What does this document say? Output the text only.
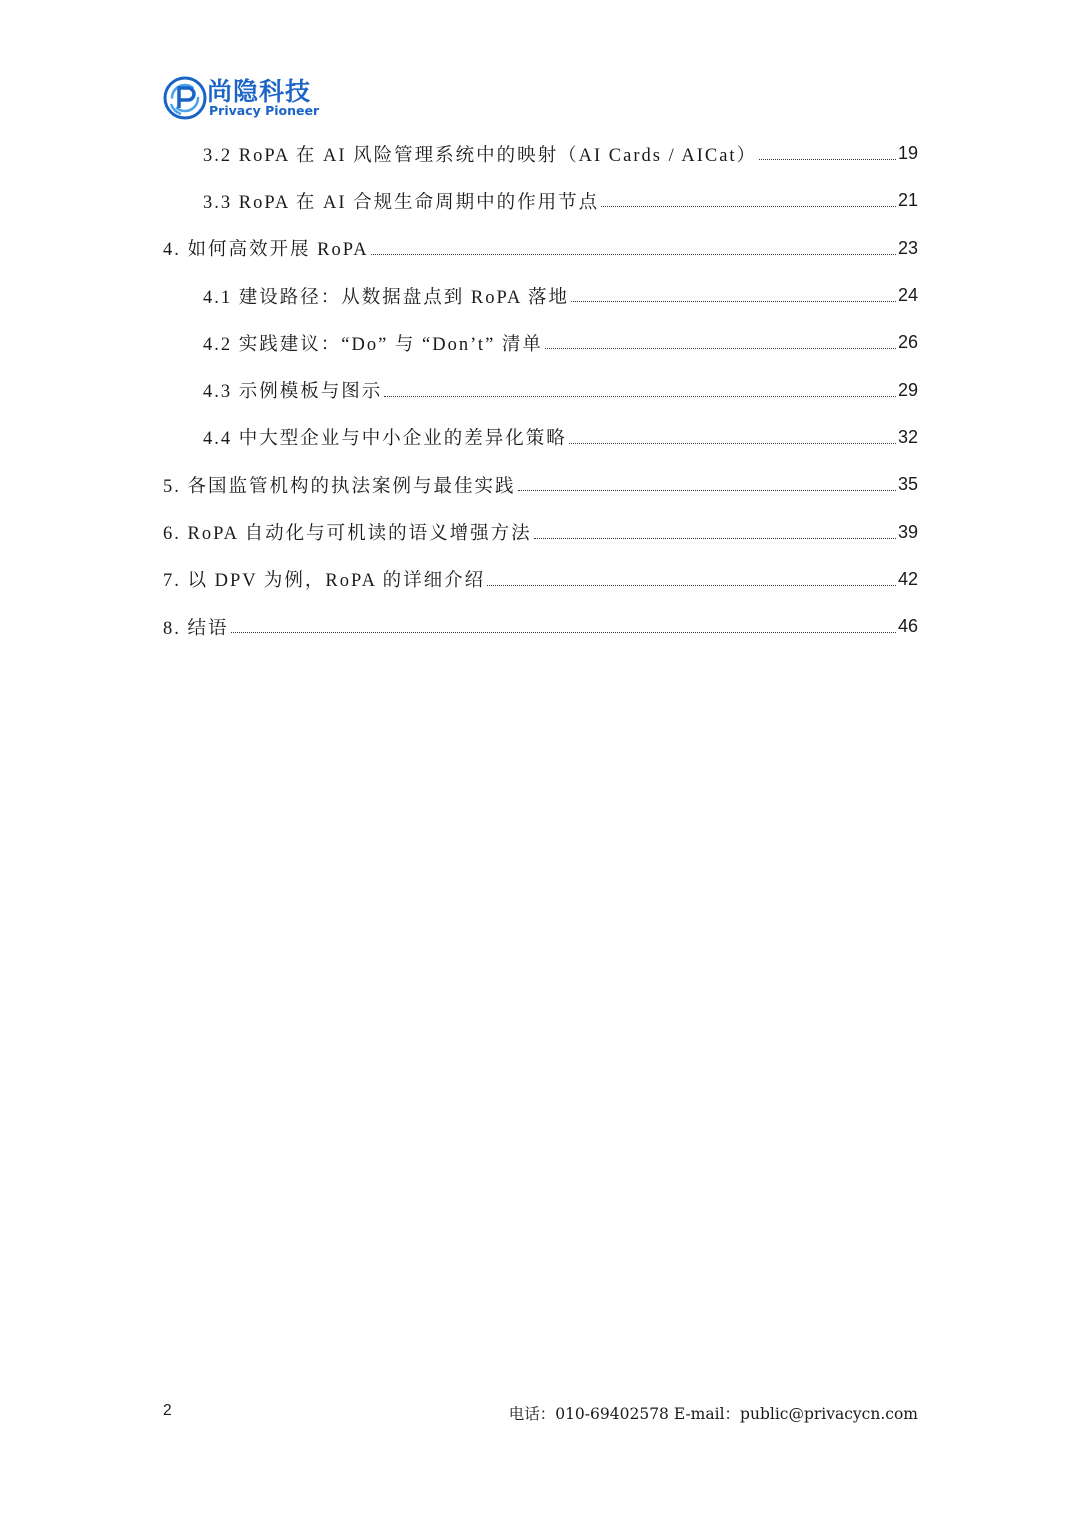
尚隐科技
Privacy Pioneer
3.2 RoPA 在 AI 风险管理系统中的映射（AI Cards / AICat）	19
3.3 RoPA 在 AI 合规生命周期中的作用节点	21
4. 如何高效开展 RoPA	23
4.1 建设路径：从数据盘点到 RoPA 落地	24
4.2 实践建议：“Do” 与 “Don’t” 清单	26
4.3 示例模板与图示	29
4.4 中大型企业与中小企业的差异化策略	32
5. 各国监管机构的执法案例与最佳实践	35
6. RoPA 自动化与可机读的语义增强方法	39
7. 以 DPV 为例，RoPA 的详细介绍	42
8. 结语	46
2	电话：010-69402578 E-mail：public@privacycn.com
